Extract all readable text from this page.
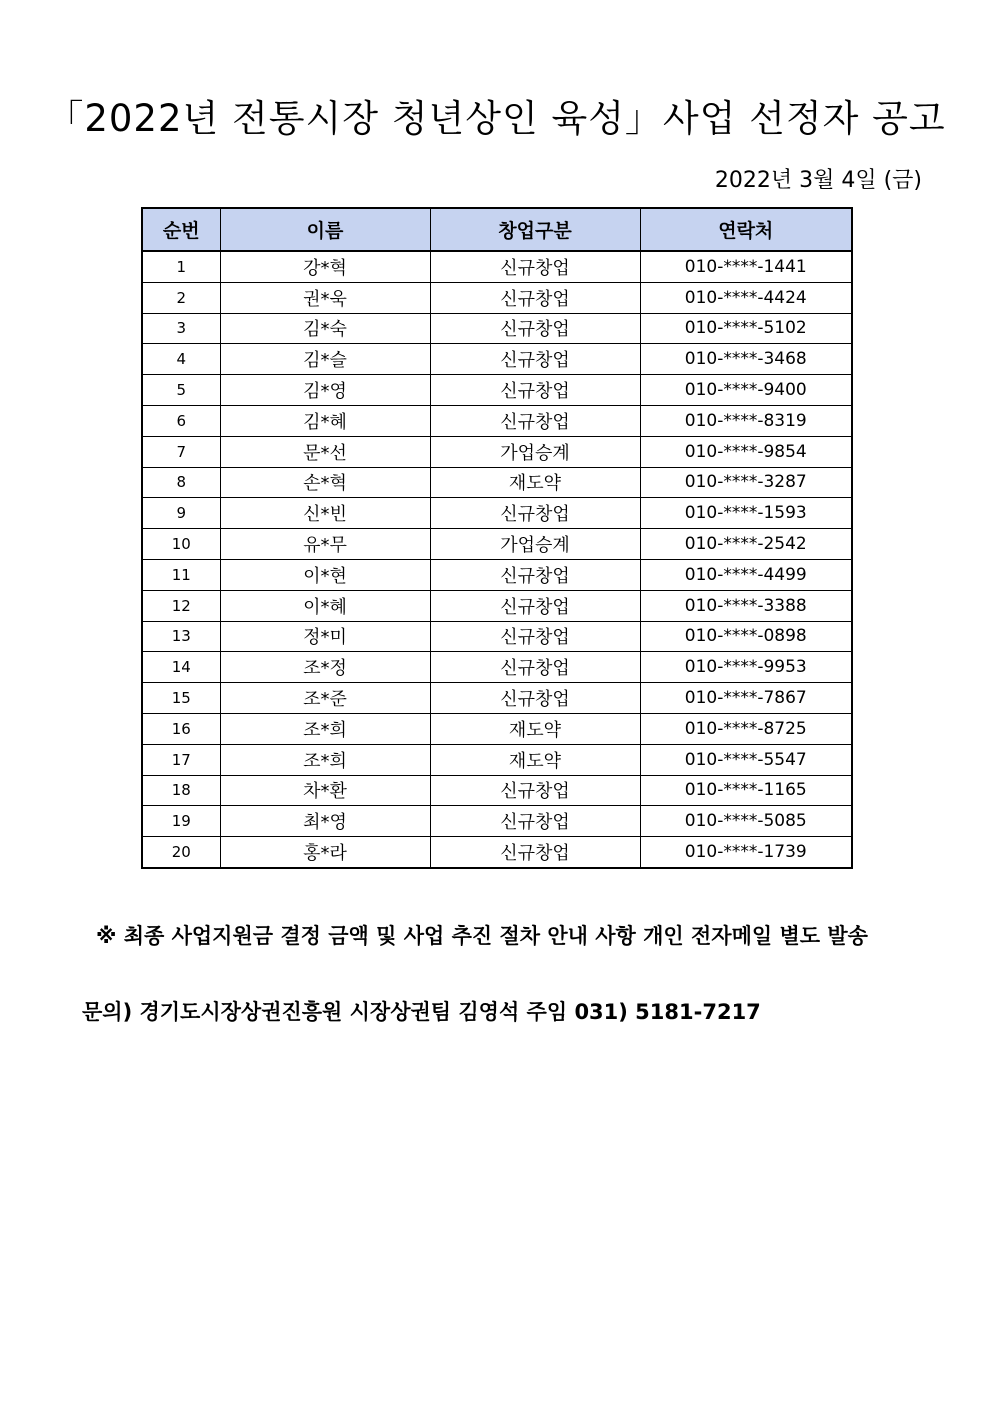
「2022년 전통시장 청년상인 육성」사업 선정자 공고
2022년 3월 4일 (금)
순번	이름	창업구분	연락처
1	강*혁	신규창업	010-****-1441
2	권*욱	신규창업	010-****-4424
3	김*숙	신규창업	010-****-5102
4	김*슬	신규창업	010-****-3468
5	김*영	신규창업	010-****-9400
6	김*혜	신규창업	010-****-8319
7	문*선	가업승계	010-****-9854
8	손*혁	재도약	010-****-3287
9	신*빈	신규창업	010-****-1593
10	유*무	가업승계	010-****-2542
11	이*현	신규창업	010-****-4499
12	이*혜	신규창업	010-****-3388
13	정*미	신규창업	010-****-0898
14	조*정	신규창업	010-****-9953
15	조*준	신규창업	010-****-7867
16	조*희	재도약	010-****-8725
17	조*희	재도약	010-****-5547
18	차*환	신규창업	010-****-1165
19	최*영	신규창업	010-****-5085
20	홍*라	신규창업	010-****-1739
※ 최종 사업지원금 결정 금액 및 사업 추진 절차 안내 사항 개인 전자메일 별도 발송
문의) 경기도시장상권진흥원 시장상권팀 김영석 주임 031) 5181-7217
